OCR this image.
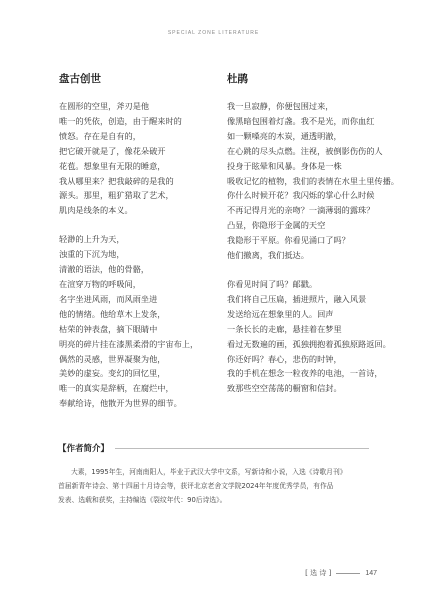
SPECIAL ZONE LITERATURE
盘古创世
在圆形的空里，斧刃是他
唯一的凭依，创造，由于醒来时的
愤怒。存在是自有的，
把它破开就是了，像花朵破开
花苞。想象里有无限的睡意，
我从哪里来？把我敲碎的是我的
源头。那里，粗犷猎取了艺术，
肌肉是线条的本义。
轻渺的上升为天，
浊重的下沉为地，
清澈的语法，他的骨骼，
在渲穿万物的呼吸间，
名字坐进风雨，而风雨坐进
他的情绪。他给草木上发条，
枯荣的钟表盘，摘下眼睛中
明亮的碎片挂在漆黑柔滑的宇宙布上，
偶然的灵感，世界凝聚为他，
美妙的虚妄。变幻的回忆里，
唯一的真实是辞柄，在腐烂中，
奉献给诗，他散开为世界的细节。
杜鹃
我一旦寂静，你便包围过来，
像黑暗包围着灯盏。我不是光，而你血红
如一颗嗓亮的木炭，通透明澈，
在心跳的尽头点燃。注视，被倒影伤伤的人
投身于眩晕和风暴。身体是一株
吸收记忆的植物，我们的表情在水里土里传播。
你什么时候开花？我闪烁的掌心什么时候
不再记得月光的亲吻？一滴薄弱的露珠？
凸显，你隐形于金属的天空
我隐形于平原。你看见涌口了吗？
他们撤离，我们抵达。
你看见时间了吗？邮戳。
我们将自己压扁，插进照片，融入风景
发送给远在想象里的人。回声
一条长长的走廊，悬挂着在梦里
看过无数遍的画，孤独拥抱着孤独原路返回。
你还好吗？春心，悲伤的时钟，
我的手机在想念一粒夜养的电池，一首诗，
致那些空空荡荡的橱窗和信封。
【作者简介】
大素，1995年生，河南南阳人，毕业于武汉大学中文系，写新诗和小说，入选《诗歌月刊》
首届新青年诗会、第十四届十月诗会等，获评北京老舍文学院2024年年度优秀学员，有作品
发表、选载和获奖，主持编选《裂纹年代：90后诗选》。
[ 选 诗 ]	147
